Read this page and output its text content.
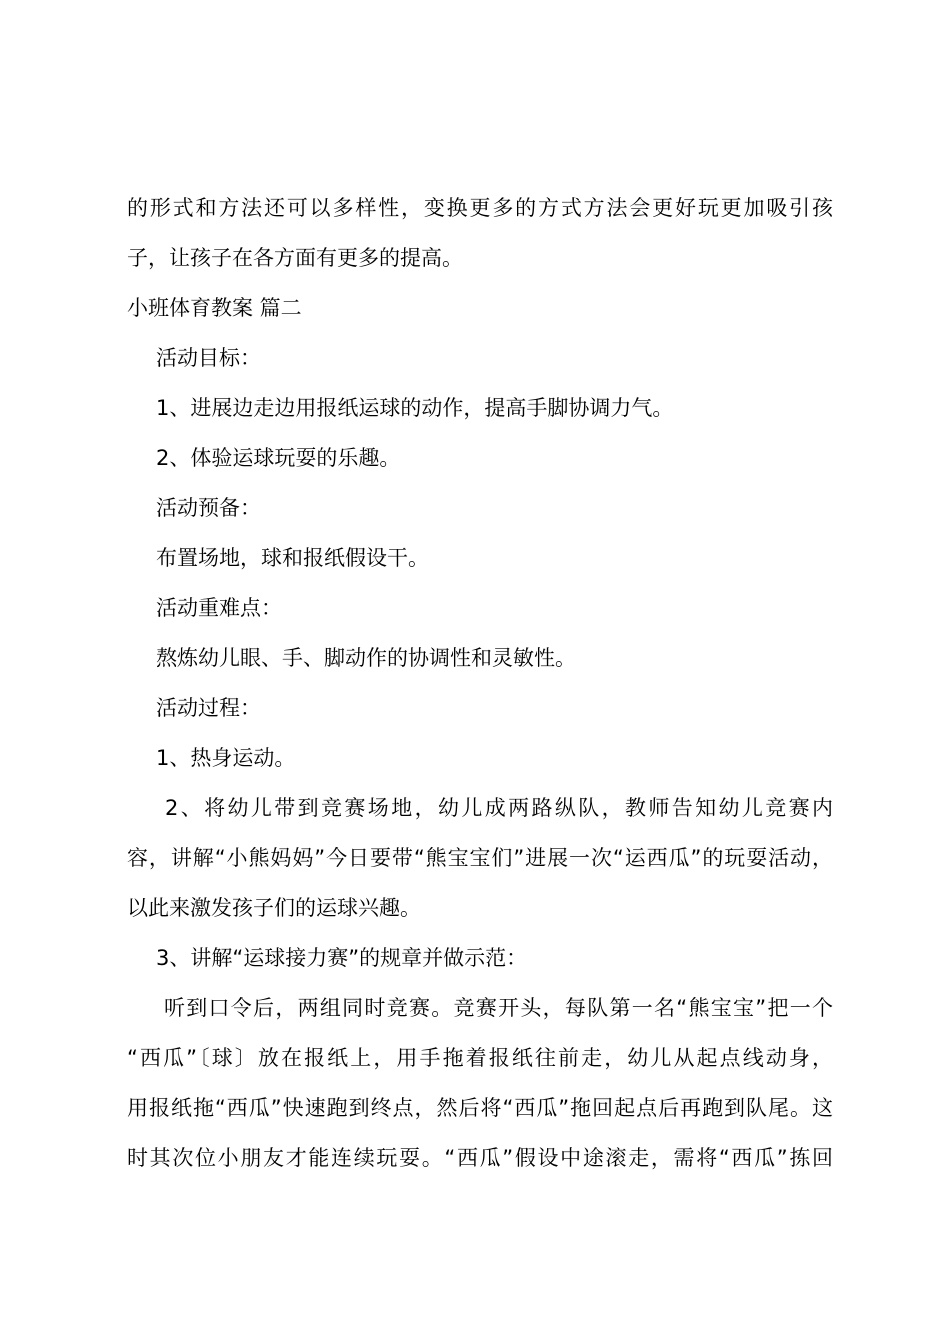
的形式和方法还可以多样性，变换更多的方式方法会更好玩更加吸引孩
子，让孩子在各方面有更多的提高。
小班体育教案 篇二
活动目标：
1、进展边走边用报纸运球的动作，提高手脚协调力气。
2、体验运球玩耍的乐趣。
活动预备：
布置场地，球和报纸假设干。
活动重难点：
熬炼幼儿眼、手、脚动作的协调性和灵敏性。
活动过程：
1、热身运动。
2、将幼儿带到竞赛场地，幼儿成两路纵队，教师告知幼儿竞赛内
容，讲解“小熊妈妈”今日要带“熊宝宝们”进展一次“运西瓜”的玩耍活动，
以此来激发孩子们的运球兴趣。
3、讲解“运球接力赛”的规章并做示范：
听到口令后，两组同时竞赛。竞赛开头，每队第一名“熊宝宝”把一个
“西瓜”〔球〕放在报纸上，用手拖着报纸往前走，幼儿从起点线动身，
用报纸拖“西瓜”快速跑到终点，然后将“西瓜”拖回起点后再跑到队尾。这
时其次位小朋友才能连续玩耍。“西瓜”假设中途滚走，需将“西瓜”拣回
